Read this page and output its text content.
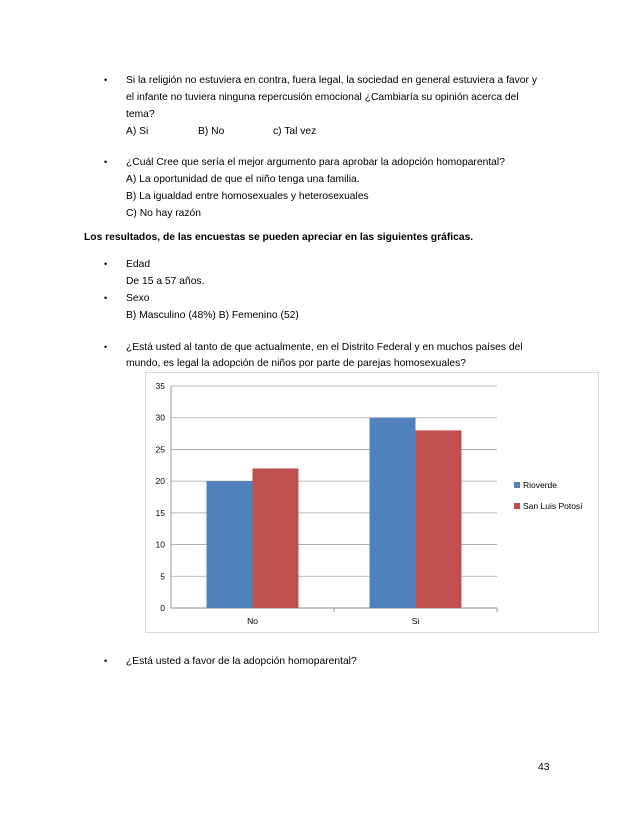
• Si la religión no estuviera en contra, fuera legal, la sociedad en general estuviera a favor y
el infante no tuviera ninguna repercusión emocional ¿Cambiaría su opinión acerca del
tema?
A) Si	B) No	c) Tal vez
• ¿Cuál Cree que sería el mejor argumento para aprobar la adopción homoparental?
A) La oportunidad de que el niño tenga una familia.
B) La igualdad entre homosexuales y heterosexuales
C) No hay razón
Los resultados, de las encuestas se pueden apreciar en las siguientes gráficas.
• Edad
De 15 a 57 años.
• Sexo
B) Masculino (48%) B) Femenino (52)
• ¿Está usted al tanto de que actualmente, en el Distrito Federal y en muchos países del
mundo, es legal la adopción de niños por parte de parejas homosexuales?
0
5
10
15
20
25
30
35
No	Si
Rioverde
San Luis Potosí
• ¿Está usted a favor de la adopción homoparental?
43
